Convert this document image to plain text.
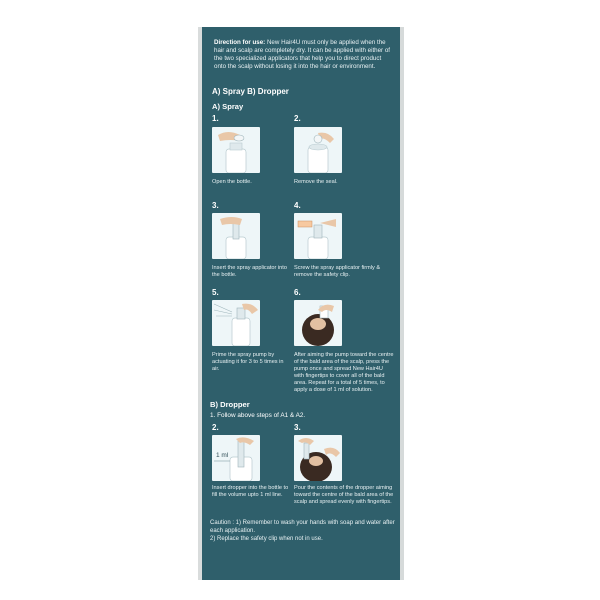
Direction for use: New Hair4U must only be applied when the hair and scalp are completely dry. It can be applied with either of the two specialized applicators that help you to direct product onto the scalp without losing it into the hair or environment.
A) Spray B) Dropper
A) Spray
1.
Open the bottle.
2.
Remove the seal.
3.
Insert the spray applicator into the bottle.
4.
Screw the spray applicator firmly & remove the safety clip.
5.
Prime the spray pump by actuating it for 3 to 5 times in air.
6.
After aiming the pump toward the centre of the bald area of the scalp, press the pump once and spread New Hair4U with fingertips to cover all of the bald area. Repeat for a total of 5 times, to apply a dose of 1 ml of solution.
B) Dropper
1. Follow above steps of A1 & A2.
2.
1 ml
Insert dropper into the bottle to fill the volume upto 1 ml line.
3.
Pour the contents of the dropper aiming toward the centre of the bald area of the scalp and spread evenly with fingertips.
Caution : 1) Remember to wash your hands with soap and water after each application.
2) Replace the safety clip when not in use.
